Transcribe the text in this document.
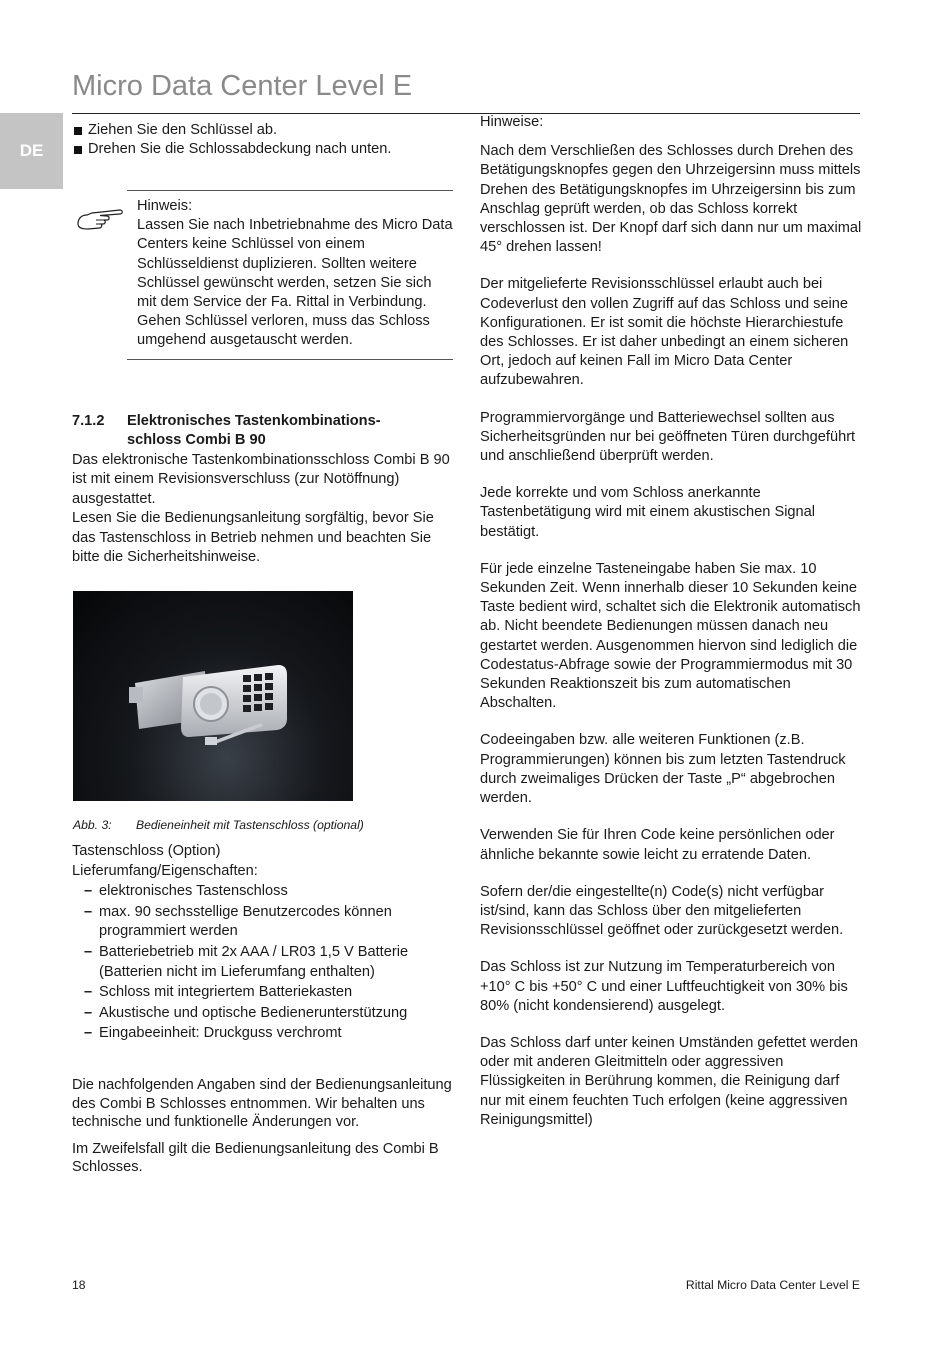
Micro Data Center Level E
DE
Ziehen Sie den Schlüssel ab.
Drehen Sie die Schlossabdeckung nach unten.

Hinweis:

Lassen Sie nach Inbetriebnahme des Micro Data Centers keine Schlüssel von einem Schlüsseldienst duplizieren. Sollten weitere Schlüssel gewünscht werden, setzen Sie sich mit dem Service der Fa. Rittal in Verbindung.

Gehen Schlüssel verloren, muss das Schloss umgehend ausgetauscht werden.

7.1.2 Elektronisches Tastenkombinations-
schloss Combi B 90

Das elektronische Tastenkombinationsschloss Combi B 90 ist mit einem Revisionsverschluss (zur Notöffnung) ausgestattet.

Lesen Sie die Bedienungsanleitung sorgfältig, bevor Sie das Tastenschloss in Betrieb nehmen und beachten Sie bitte die Sicherheitshinweise.

Abb. 3: Bedieneinheit mit Tastenschloss (optional)

Tastenschloss (Option)

Lieferumfang/Eigenschaften:

– elektronisches Tastenschloss
– max. 90 sechsstellige Benutzercodes können programmiert werden
– Batteriebetrieb mit 2x AAA / LR03 1,5 V Batterie (Batterien nicht im Lieferumfang enthalten)
– Schloss mit integriertem Batteriekasten
– Akustische und optische Bedienerunterstützung
– Eingabeeinheit: Druckguss verchromt

Die nachfolgenden Angaben sind der Bedienungsanleitung des Combi B Schlosses entnommen. Wir behalten uns technische und funktionelle Änderungen vor.

Im Zweifelsfall gilt die Bedienungsanleitung des Combi B Schlosses.

Hinweise:

Nach dem Verschließen des Schlosses durch Drehen des Betätigungsknopfes gegen den Uhrzeigersinn muss mittels Drehen des Betätigungsknopfes im Uhrzeigersinn bis zum Anschlag geprüft werden, ob das Schloss korrekt verschlossen ist. Der Knopf darf sich dann nur um maximal 45° drehen lassen!

Der mitgelieferte Revisionsschlüssel erlaubt auch bei Codeverlust den vollen Zugriff auf das Schloss und seine Konfigurationen. Er ist somit die höchste Hierarchiestufe des Schlosses. Er ist daher unbedingt an einem sicheren Ort, jedoch auf keinen Fall im Micro Data Center aufzubewahren.

Programmiervorgänge und Batteriewechsel sollten aus Sicherheitsgründen nur bei geöffneten Türen durchgeführt und anschließend überprüft werden.

Jede korrekte und vom Schloss anerkannte Tastenbetätigung wird mit einem akustischen Signal bestätigt.

Für jede einzelne Tasteneingabe haben Sie max. 10 Sekunden Zeit. Wenn innerhalb dieser 10 Sekunden keine Taste bedient wird, schaltet sich die Elektronik automatisch ab. Nicht beendete Bedienungen müssen danach neu gestartet werden. Ausgenommen hiervon sind lediglich die Codestatus-Abfrage sowie der Programmiermodus mit 30 Sekunden Reaktionszeit bis zum automatischen Abschalten.

Codeeingaben bzw. alle weiteren Funktionen (z.B. Programmierungen) können bis zum letzten Tastendruck durch zweimaliges Drücken der Taste „P“ abgebrochen werden.

Verwenden Sie für Ihren Code keine persönlichen oder ähnliche bekannte sowie leicht zu erratende Daten.

Sofern der/die eingestellte(n) Code(s) nicht verfügbar ist/sind, kann das Schloss über den mitgelieferten Revisionsschlüssel geöffnet oder zurückgesetzt werden.

Das Schloss ist zur Nutzung im Temperaturbereich von +10° C bis +50° C und einer Luftfeuchtigkeit von 30% bis 80% (nicht kondensierend) ausgelegt.

Das Schloss darf unter keinen Umständen gefettet werden oder mit anderen Gleitmitteln oder aggressiven Flüssigkeiten in Berührung kommen, die Reinigung darf nur mit einem feuchten Tuch erfolgen (keine aggressiven Reinigungsmittel)

18	Rittal Micro Data Center Level E
